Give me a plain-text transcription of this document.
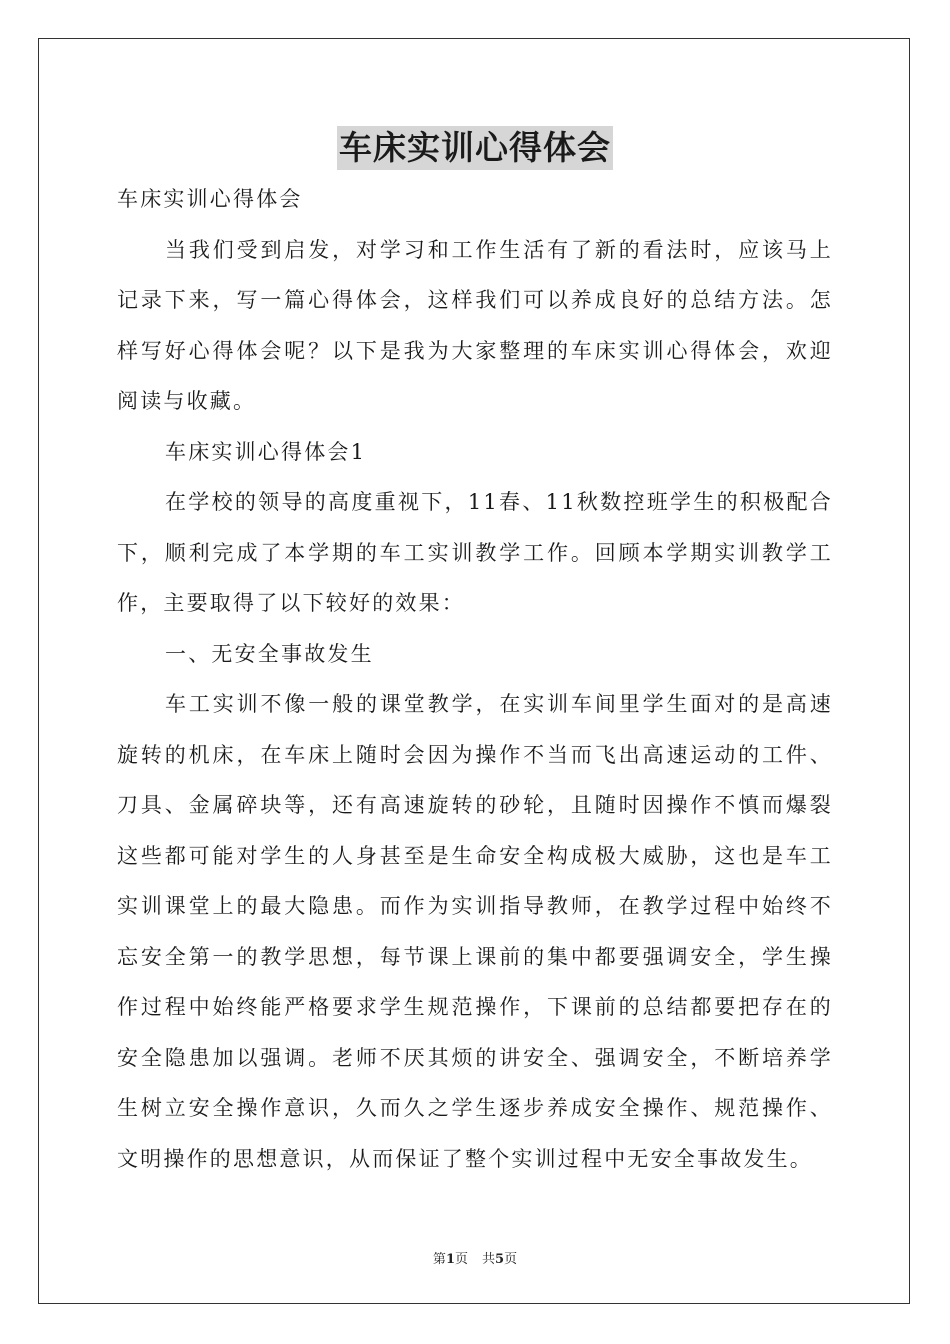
车床实训心得体会

车床实训心得体会

当我们受到启发，对学习和工作生活有了新的看法时，应该马上记录下来，写一篇心得体会，这样我们可以养成良好的总结方法。怎样写好心得体会呢？以下是我为大家整理的车床实训心得体会，欢迎阅读与收藏。

车床实训心得体会1

在学校的领导的高度重视下，11春、11秋数控班学生的积极配合下，顺利完成了本学期的车工实训教学工作。回顾本学期实训教学工作，主要取得了以下较好的效果：

一、无安全事故发生

车工实训不像一般的课堂教学，在实训车间里学生面对的是高速旋转的机床，在车床上随时会因为操作不当而飞出高速运动的工件、刀具、金属碎块等，还有高速旋转的砂轮，且随时因操作不慎而爆裂这些都可能对学生的人身甚至是生命安全构成极大威胁，这也是车工实训课堂上的最大隐患。而作为实训指导教师，在教学过程中始终不忘安全第一的教学思想，每节课上课前的集中都要强调安全，学生操作过程中始终能严格要求学生规范操作，下课前的总结都要把存在的安全隐患加以强调。老师不厌其烦的讲安全、强调安全，不断培养学生树立安全操作意识，久而久之学生逐步养成安全操作、规范操作、文明操作的思想意识，从而保证了整个实训过程中无安全事故发生。

第1页 共5页
